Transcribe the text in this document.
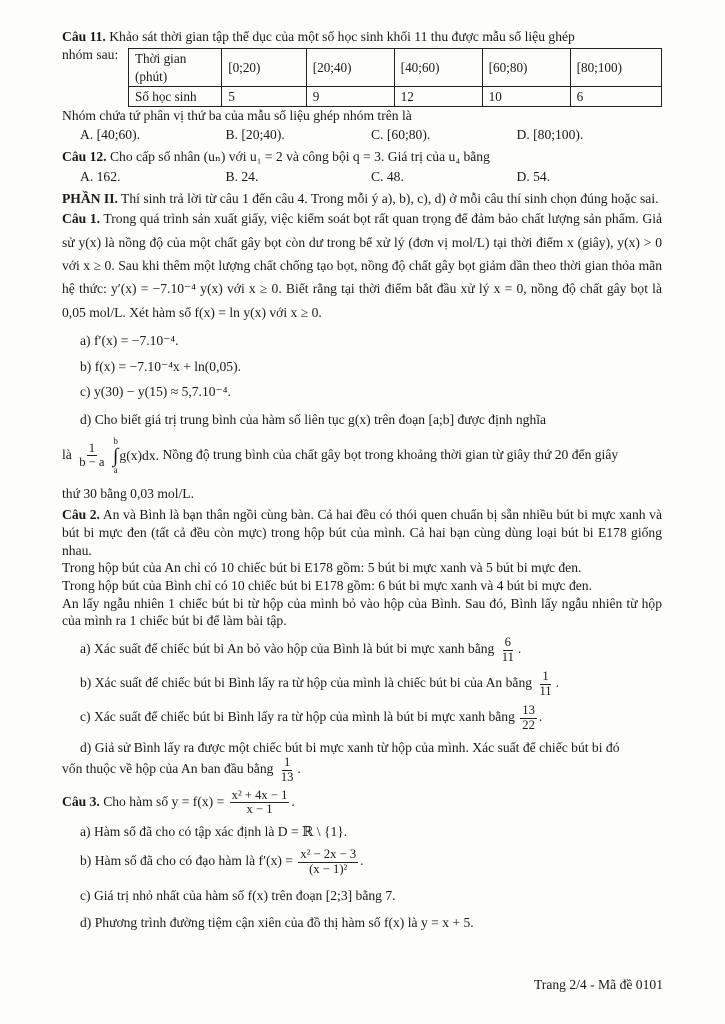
Câu 11. Khảo sát thời gian tập thể dục của một số học sinh khối 11 thu được mẫu số liệu ghép

nhóm sau:	Thời gian (phút)	[0;20)	[20;40)	[40;60)	[60;80)	[80;100)
Số học sinh	5	9	12	10	6

Nhóm chứa tứ phân vị thứ ba của mẫu số liệu ghép nhóm trên là

A. [40;60).	B. [20;40).	C. [60;80).	D. [80;100).

Câu 12. Cho cấp số nhân (uₙ) với u₁ = 2 và công bội q = 3. Giá trị của u₄ bằng

A. 162.	B. 24.	C. 48.	D. 54.

PHẦN II. Thí sinh trả lời từ câu 1 đến câu 4. Trong mỗi ý a), b), c), d) ở mỗi câu thí sinh chọn đúng hoặc sai.

Câu 1. Trong quá trình sản xuất giấy, việc kiểm soát bọt rất quan trọng để đảm bảo chất lượng sản phẩm. Giả sử y(x) là nồng độ của một chất gây bọt còn dư trong bể xử lý (đơn vị mol/L) tại thời điểm x (giây), y(x) > 0 với x ≥ 0. Sau khi thêm một lượng chất chống tạo bọt, nồng độ chất gây bọt giảm dần theo thời gian thỏa mãn hệ thức: y′(x) = −7.10⁻⁴ y(x) với x ≥ 0. Biết rằng tại thời điểm bắt đầu xử lý x = 0, nồng độ chất gây bọt là 0,05 mol/L. Xét hàm số f(x) = ln y(x) với x ≥ 0.

a) f′(x) = −7.10⁻⁴.

b) f(x) = −7.10⁻⁴x + ln(0,05).

c) y(30) − y(15) ≈ 5,7.10⁻⁴.

d) Cho biết giá trị trung bình của hàm số liên tục g(x) trên đoạn [a;b] được định nghĩa

là $\frac{1}{b - a}$

b
∫
a
g(x)dx. Nồng độ trung bình của chất gây bọt trong khoảng thời gian từ giây thứ 20 đến giây

thứ 30 bằng 0,03 mol/L.

Câu 2. An và Bình là bạn thân ngồi cùng bàn. Cả hai đều có thói quen chuẩn bị sẵn nhiều bút bi mực xanh và bút bi mực đen (tất cả đều còn mực) trong hộp bút của mình. Cả hai bạn cùng dùng loại bút bi E178 giống nhau.

Trong hộp bút của An chỉ có 10 chiếc bút bi E178 gồm: 5 bút bi mực xanh và 5 bút bi mực đen.

Trong hộp bút của Bình chỉ có 10 chiếc bút bi E178 gồm: 6 bút bi mực xanh và 4 bút bi mực đen.

An lấy ngẫu nhiên 1 chiếc bút bi từ hộp của mình bỏ vào hộp của Bình. Sau đó, Bình lấy ngẫu nhiên từ hộp của mình ra 1 chiếc bút bi để làm bài tập.

a) Xác suất để chiếc bút bi An bỏ vào hộp của Bình là bút bi mực xanh bằng $\frac{6}{11}$ .

b) Xác suất để chiếc bút bi Bình lấy ra từ hộp của mình là chiếc bút bi của An bằng $\frac{1}{11}$ .

c) Xác suất để chiếc bút bi Bình lấy ra từ hộp của mình là bút bi mực xanh bằng $\frac{13}{22}$ .

d) Giả sử Bình lấy ra được một chiếc bút bi mực xanh từ hộp của mình. Xác suất để chiếc bút bi đó

vốn thuộc về hộp của An ban đầu bằng $\frac{1}{13}$ .

Câu 3. Cho hàm số $y = f(x) = \frac{\text{x² + 4x − 1}}{x - 1}$ .

a) Hàm số đã cho có tập xác định là D = ℝ \ {1}.

b) Hàm số đã cho có đạo hàm là $f'(x) = \frac{\text{x² − 2x − 3}}{\text{(x − 1)²}}$ .

c) Giá trị nhỏ nhất của hàm số f(x) trên đoạn [2;3] bằng 7.

d) Phương trình đường tiệm cận xiên của đồ thị hàm số f(x) là y = x + 5.

Trang 2/4 - Mã đề 0101
